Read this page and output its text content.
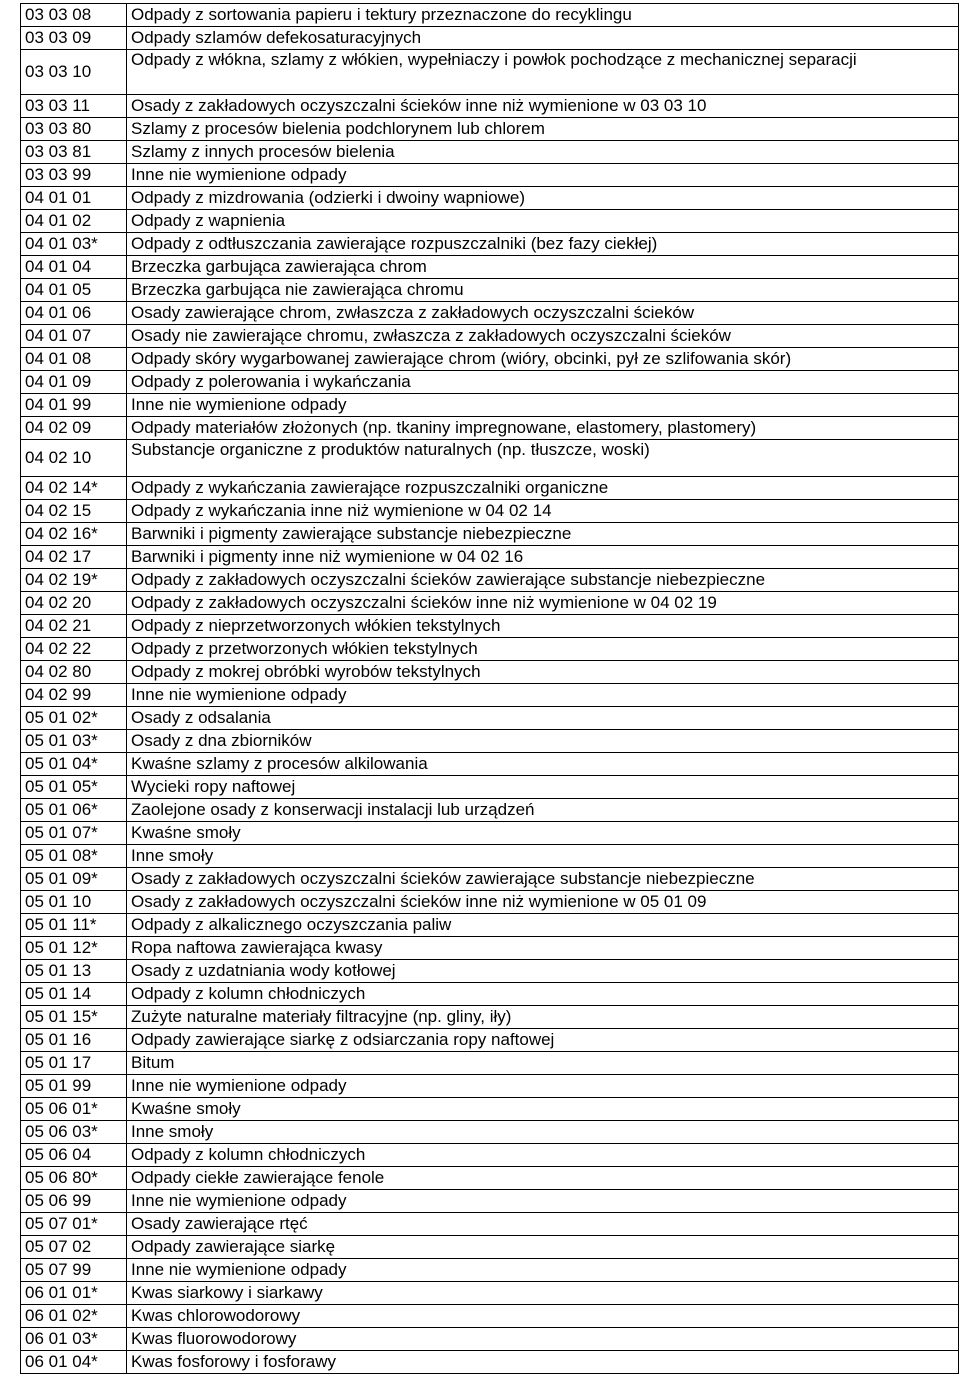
03 03 08	Odpady z sortowania papieru i tektury przeznaczone do recyklingu
03 03 09	Odpady szlamów defekosaturacyjnych
03 03 10	Odpady z włókna, szlamy z włókien, wypełniaczy i powłok pochodzące z mechanicznej separacji
03 03 11	Osady z zakładowych oczyszczalni ścieków inne niż wymienione w 03 03 10
03 03 80	Szlamy z procesów bielenia podchlorynem lub chlorem
03 03 81	Szlamy z innych procesów bielenia
03 03 99	Inne nie wymienione odpady
04 01 01	Odpady z mizdrowania (odzierki i dwoiny wapniowe)
04 01 02	Odpady z wapnienia
04 01 03*	Odpady z odtłuszczania zawierające rozpuszczalniki (bez fazy ciekłej)
04 01 04	Brzeczka garbująca zawierająca chrom
04 01 05	Brzeczka garbująca nie zawierająca chromu
04 01 06	Osady zawierające chrom, zwłaszcza z zakładowych oczyszczalni ścieków
04 01 07	Osady nie zawierające chromu, zwłaszcza z zakładowych oczyszczalni ścieków
04 01 08	Odpady skóry wygarbowanej zawierające chrom (wióry, obcinki, pył ze szlifowania skór)
04 01 09	Odpady z polerowania i wykańczania
04 01 99	Inne nie wymienione odpady
04 02 09	Odpady materiałów złożonych (np. tkaniny impregnowane, elastomery, plastomery)
04 02 10	Substancje organiczne z produktów naturalnych (np. tłuszcze, woski)
04 02 14*	Odpady z wykańczania zawierające rozpuszczalniki organiczne
04 02 15	Odpady z wykańczania inne niż wymienione w 04 02 14
04 02 16*	Barwniki i pigmenty zawierające substancje niebezpieczne
04 02 17	Barwniki i pigmenty inne niż wymienione w 04 02 16
04 02 19*	Odpady z zakładowych oczyszczalni ścieków zawierające substancje niebezpieczne
04 02 20	Odpady z zakładowych oczyszczalni ścieków inne niż wymienione w 04 02 19
04 02 21	Odpady z nieprzetworzonych włókien tekstylnych
04 02 22	Odpady z przetworzonych włókien tekstylnych
04 02 80	Odpady z mokrej obróbki wyrobów tekstylnych
04 02 99	Inne nie wymienione odpady
05 01 02*	Osady z odsalania
05 01 03*	Osady z dna zbiorników
05 01 04*	Kwaśne szlamy z procesów alkilowania
05 01 05*	Wycieki ropy naftowej
05 01 06*	Zaolejone osady z konserwacji instalacji lub urządzeń
05 01 07*	Kwaśne smoły
05 01 08*	Inne smoły
05 01 09*	Osady z zakładowych oczyszczalni ścieków zawierające substancje niebezpieczne
05 01 10	Osady z zakładowych oczyszczalni ścieków inne niż wymienione w 05 01 09
05 01 11*	Odpady z alkalicznego oczyszczania paliw
05 01 12*	Ropa naftowa zawierająca kwasy
05 01 13	Osady z uzdatniania wody kotłowej
05 01 14	Odpady z kolumn chłodniczych
05 01 15*	Zużyte naturalne materiały filtracyjne (np. gliny, iły)
05 01 16	Odpady zawierające siarkę z odsiarczania ropy naftowej
05 01 17	Bitum
05 01 99	Inne nie wymienione odpady
05 06 01*	Kwaśne smoły
05 06 03*	Inne smoły
05 06 04	Odpady z kolumn chłodniczych
05 06 80*	Odpady ciekłe zawierające fenole
05 06 99	Inne nie wymienione odpady
05 07 01*	Osady zawierające rtęć
05 07 02	Odpady zawierające siarkę
05 07 99	Inne nie wymienione odpady
06 01 01*	Kwas siarkowy i siarkawy
06 01 02*	Kwas chlorowodorowy
06 01 03*	Kwas fluorowodorowy
06 01 04*	Kwas fosforowy i fosforawy
